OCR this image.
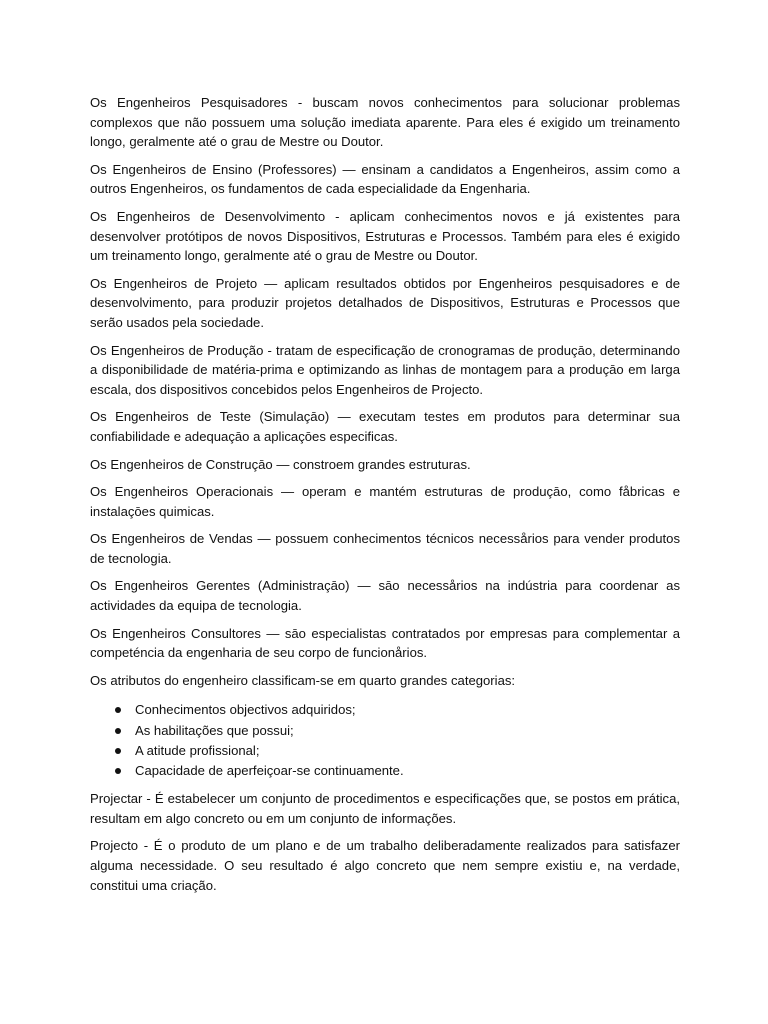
Os Engenheiros Pesquisadores - buscam novos conhecimentos para solucionar problemas complexos que não possuem uma solução imediata aparente. Para eles é exigido um treinamento longo, geralmente até o grau de Mestre ou Doutor.

Os Engenheiros de Ensino (Professores) — ensinam a candidatos a Engenheiros, assim como a outros Engenheiros, os fundamentos de cada especialidade da Engenharia.

Os Engenheiros de Desenvolvimento - aplicam conhecimentos novos e já existentes para desenvolver protótipos de novos Dispositivos, Estruturas e Processos. Também para eles é exigido um treinamento longo, geralmente até o grau de Mestre ou Doutor.

Os Engenheiros de Projeto — aplicam resultados obtidos por Engenheiros pesquisadores e de desenvolvimento, para produzir projetos detalhados de Dispositivos, Estruturas e Processos que serão usados pela sociedade.

Os Engenheiros de Produção - tratam de especificação de cronogramas de produçāo, determinando a disponibilidade de matéria-prima e optimizando as linhas de montagem para a produçāo em larga escala, dos dispositivos concebidos pelos Engenheiros de Projecto.

Os Engenheiros de Teste (Simulaçāo) — executam testes em produtos para determinar sua confiabilidade e adequaçāo a aplicaçōes especificas.

Os Engenheiros de Construçāo — constroem grandes estruturas.

Os Engenheiros Operacionais — operam e mantém estruturas de produçāo, como fåbricas e instalaçōes quimicas.

Os Engenheiros de Vendas — possuem conhecimentos técnicos necessårios para vender produtos de tecnologia.

Os Engenheiros Gerentes (Administraçāo) — sāo necessårios na indústria para coordenar as actividades da equipa de tecnologia.

Os Engenheiros Consultores — sāo especialistas contratados por empresas para complementar a competéncia da engenharia de seu corpo de funcionårios.

Os atributos do engenheiro classificam-se em quarto grandes categorias:

Conhecimentos objectivos adquiridos;
As habilitações que possui;
A atitude profissional;
Capacidade de aperfeiçoar-se continuamente.

Projectar - É estabelecer um conjunto de procedimentos e especificações que, se postos em prática, resultam em algo concreto ou em um conjunto de informações.

Projecto - É o produto de um plano e de um trabalho deliberadamente realizados para satisfazer alguma necessidade. O seu resultado é algo concreto que nem sempre existiu e, na verdade, constitui uma criação.
